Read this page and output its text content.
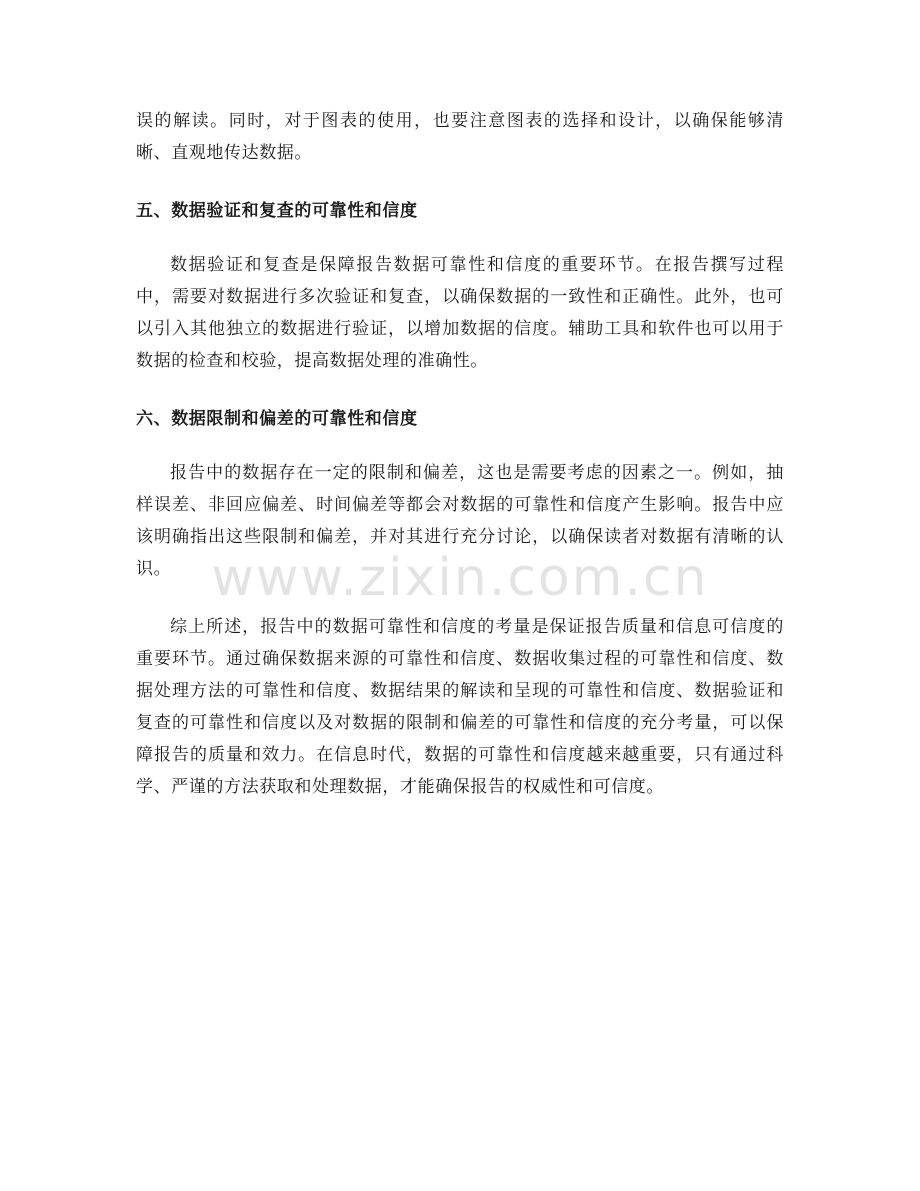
误的解读。同时，对于图表的使用，也要注意图表的选择和设计，以确保能够清晰、直观地传达数据。

五、数据验证和复查的可靠性和信度

数据验证和复查是保障报告数据可靠性和信度的重要环节。在报告撰写过程中，需要对数据进行多次验证和复查，以确保数据的一致性和正确性。此外，也可以引入其他独立的数据进行验证，以增加数据的信度。辅助工具和软件也可以用于数据的检查和校验，提高数据处理的准确性。

六、数据限制和偏差的可靠性和信度

报告中的数据存在一定的限制和偏差，这也是需要考虑的因素之一。例如，抽样误差、非回应偏差、时间偏差等都会对数据的可靠性和信度产生影响。报告中应该明确指出这些限制和偏差，并对其进行充分讨论，以确保读者对数据有清晰的认识。

综上所述，报告中的数据可靠性和信度的考量是保证报告质量和信息可信度的重要环节。通过确保数据来源的可靠性和信度、数据收集过程的可靠性和信度、数据处理方法的可靠性和信度、数据结果的解读和呈现的可靠性和信度、数据验证和复查的可靠性和信度以及对数据的限制和偏差的可靠性和信度的充分考量，可以保障报告的质量和效力。在信息时代，数据的可靠性和信度越来越重要，只有通过科学、严谨的方法获取和处理数据，才能确保报告的权威性和可信度。

www.zixin.com.cn
